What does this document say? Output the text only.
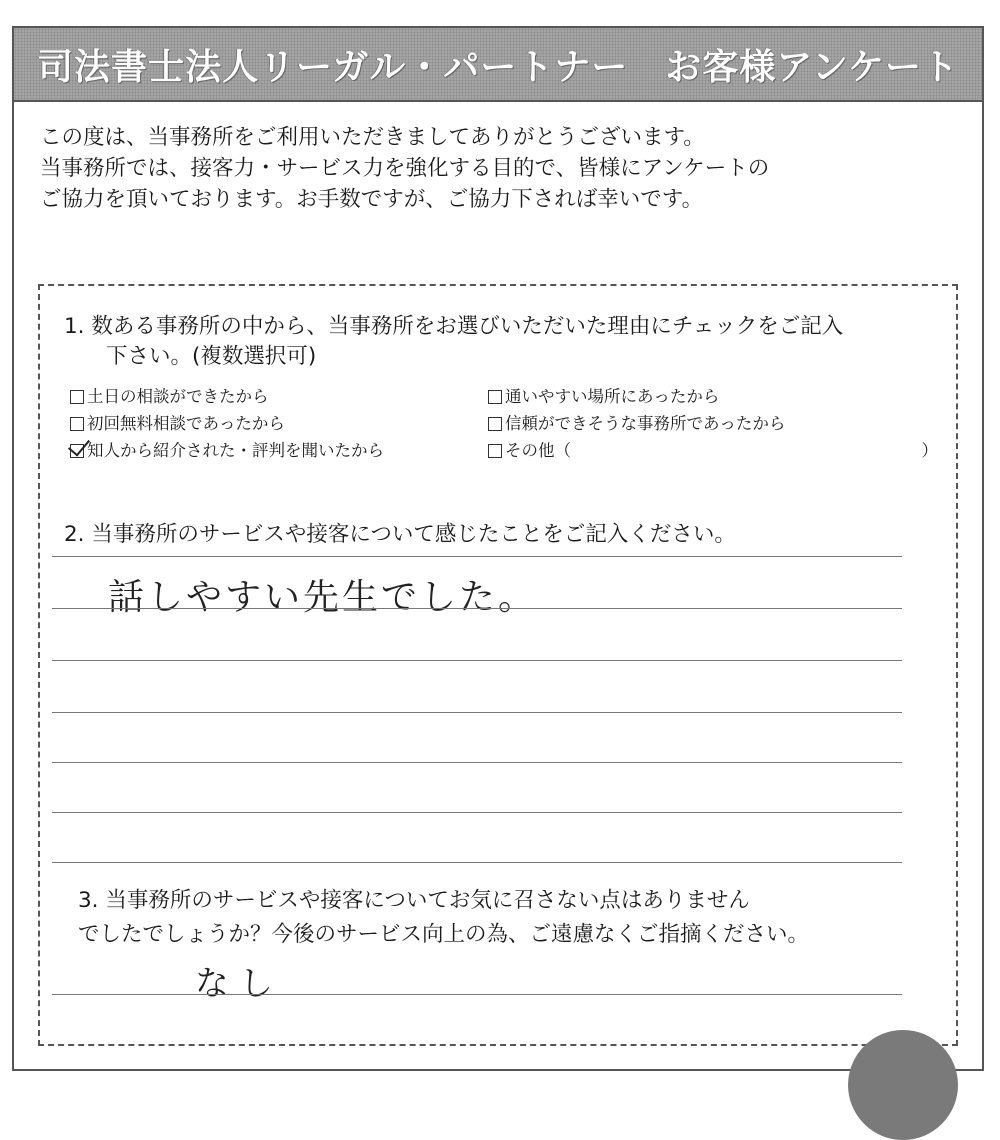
司法書士法人リーガル・パートナー　お客様アンケート
この度は、当事務所をご利用いただきましてありがとうございます。
当事務所では、接客力・サービス力を強化する目的で、皆様にアンケートの
ご協力を頂いております。お手数ですが、ご協力下されば幸いです。
1. 数ある事務所の中から、当事務所をお選びいただいた理由にチェックをご記入
下さい。(複数選択可)
土日の相談ができたから	通いやすい場所にあったから
初回無料相談であったから	信頼ができそうな事務所であったから
知人から紹介された・評判を聞いたから	その他（	）
2. 当事務所のサービスや接客について感じたことをご記入ください。
話しやすい先生でした。
3. 当事務所のサービスや接客についてお気に召さない点はありません
でしたでしょうか？今後のサービス向上の為、ご遠慮なくご指摘ください。
なし
